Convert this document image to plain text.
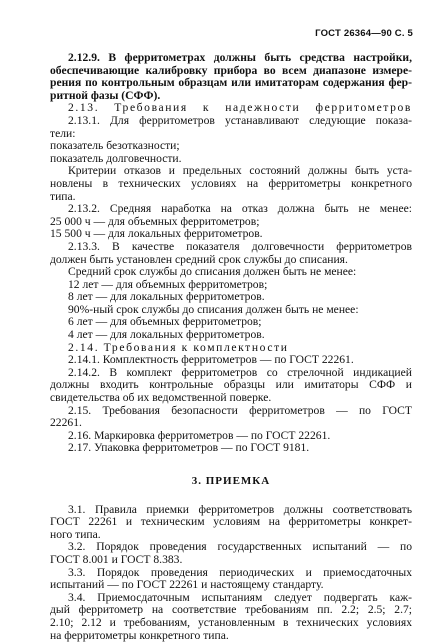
ГОСТ 26364—90 С. 5

2.12.9. В ферритометрах должны быть средства настройки,

обеспечивающие калибровку прибора во всем диапазоне измере-

рения по контрольным образцам или имитаторам содержания фер-

ритной фазы (СФФ).

2.13. Требования к надежности ферритометров

2.13.1. Для ферритометров устанавливают следующие показа-

тели:

показатель безотказности;

показатель долговечности.

Критерии отказов и предельных состояний должны быть уста-

новлены в технических условиях на ферритометры конкретного

типа.

2.13.2. Средняя наработка на отказ должна быть не менее:

25 000 ч — для объемных ферритометров;

15 500 ч — для локальных ферритометров.

2.13.3. В качестве показателя долговечности ферритометров

должен быть установлен средний срок службы до списания.

Средний срок службы до списания должен быть не менее:

12 лет — для объемных ферритометров;

8 лет — для локальных ферритометров.

90%-ный срок службы до списания должен быть не менее:

6 лет — для объемных ферритометров;

4 лет — для локальных ферритометров.

2.14. Требования к комплектности

2.14.1. Комплектность ферритометров — по ГОСТ 22261.

2.14.2. В комплект ферритометров со стрелочной индикацией

должны входить контрольные образцы или имитаторы СФФ и

свидетельства об их ведомственной поверке.

2.15. Требования безопасности ферритометров — по ГОСТ

22261.

2.16. Маркировка ферритометров — по ГОСТ 22261.

2.17. Упаковка ферритометров — по ГОСТ 9181.

3. ПРИЕМКА

3.1. Правила приемки ферритометров должны соответствовать

ГОСТ 22261 и техническим условиям на ферритометры конкрет-

ного типа.

3.2. Порядок проведения государственных испытаний — по

ГОСТ 8.001 и ГОСТ 8.383.

3.3. Порядок проведения периодических и приемосдаточных

испытаний — по ГОСТ 22261 и настоящему стандарту.

3.4. Приемосдаточным испытаниям следует подвергать каж-

дый ферритометр на соответствие требованиям пп. 2.2; 2.5; 2.7;

2.10; 2.12 и требованиям, установленным в технических условиях

на ферритометры конкретного типа.
